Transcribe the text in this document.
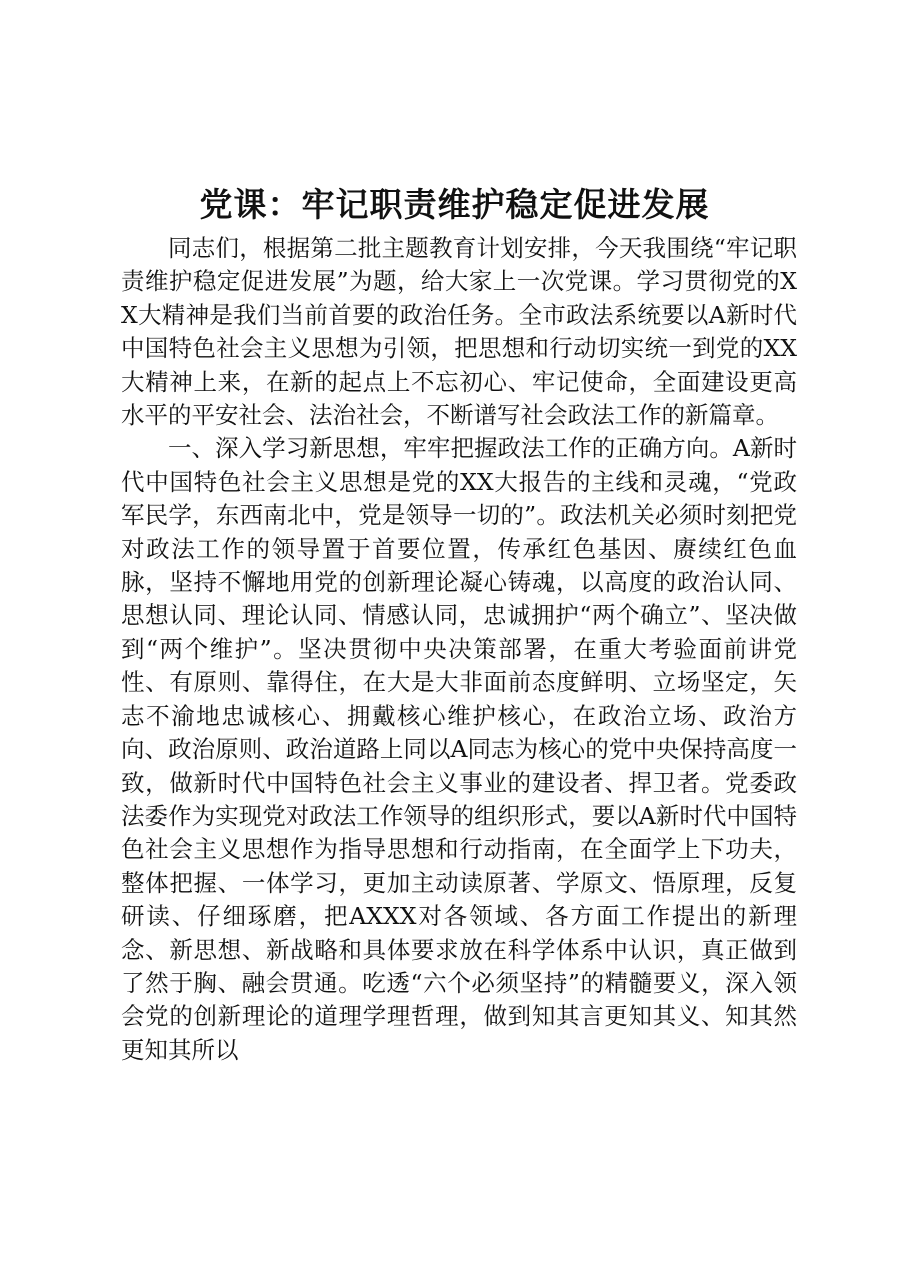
党课：牢记职责维护稳定促进发展

同志们，根据第二批主题教育计划安排，今天我围绕“牢记职责维护稳定促进发展”为题，给大家上一次党课。学习贯彻党的XX大精神是我们当前首要的政治任务。全市政法系统要以A新时代中国特色社会主义思想为引领，把思想和行动切实统一到党的XX大精神上来，在新的起点上不忘初心、牢记使命，全面建设更高水平的平安社会、法治社会，不断谱写社会政法工作的新篇章。

一、深入学习新思想，牢牢把握政法工作的正确方向。A新时代中国特色社会主义思想是党的XX大报告的主线和灵魂，“党政军民学，东西南北中，党是领导一切的”。政法机关必须时刻把党对政法工作的领导置于首要位置，传承红色基因、赓续红色血脉，坚持不懈地用党的创新理论凝心铸魂，以高度的政治认同、思想认同、理论认同、情感认同，忠诚拥护“两个确立”、坚决做到“两个维护”。坚决贯彻中央决策部署，在重大考验面前讲党性、有原则、靠得住，在大是大非面前态度鲜明、立场坚定，矢志不渝地忠诚核心、拥戴核心维护核心，在政治立场、政治方向、政治原则、政治道路上同以A同志为核心的党中央保持高度一致，做新时代中国特色社会主义事业的建设者、捍卫者。党委政法委作为实现党对政法工作领导的组织形式，要以A新时代中国特色社会主义思想作为指导思想和行动指南，在全面学上下功夫，整体把握、一体学习，更加主动读原著、学原文、悟原理，反复研读、仔细琢磨，把AXXX对各领域、各方面工作提出的新理念、新思想、新战略和具体要求放在科学体系中认识，真正做到了然于胸、融会贯通。吃透“六个必须坚持”的精髓要义，深入领会党的创新理论的道理学理哲理，做到知其言更知其义、知其然更知其所以
